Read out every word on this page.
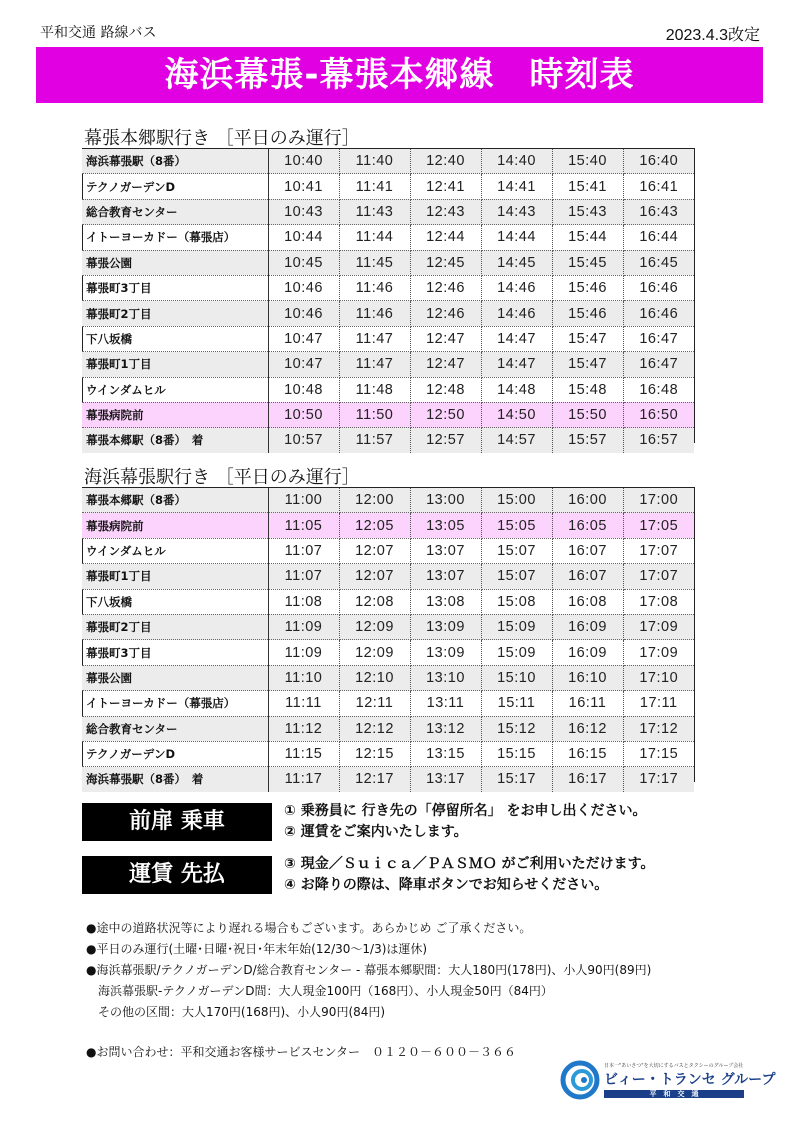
平和交通 路線バス	2023.4.3改定
海浜幕張-幕張本郷線　時刻表
幕張本郷駅行き ［平日のみ運行］
海浜幕張駅（8番）	10:40	11:40	12:40	14:40	15:40	16:40
テクノガーデンD	10:41	11:41	12:41	14:41	15:41	16:41
総合教育センター	10:43	11:43	12:43	14:43	15:43	16:43
イトーヨーカドー（幕張店）	10:44	11:44	12:44	14:44	15:44	16:44
幕張公園	10:45	11:45	12:45	14:45	15:45	16:45
幕張町3丁目	10:46	11:46	12:46	14:46	15:46	16:46
幕張町2丁目	10:46	11:46	12:46	14:46	15:46	16:46
下八坂橋	10:47	11:47	12:47	14:47	15:47	16:47
幕張町1丁目	10:47	11:47	12:47	14:47	15:47	16:47
ウインダムヒル	10:48	11:48	12:48	14:48	15:48	16:48
幕張病院前	10:50	11:50	12:50	14:50	15:50	16:50
幕張本郷駅（8番）　着	10:57	11:57	12:57	14:57	15:57	16:57
海浜幕張駅行き ［平日のみ運行］
幕張本郷駅（8番）	11:00	12:00	13:00	15:00	16:00	17:00
幕張病院前	11:05	12:05	13:05	15:05	16:05	17:05
ウインダムヒル	11:07	12:07	13:07	15:07	16:07	17:07
幕張町1丁目	11:07	12:07	13:07	15:07	16:07	17:07
下八坂橋	11:08	12:08	13:08	15:08	16:08	17:08
幕張町2丁目	11:09	12:09	13:09	15:09	16:09	17:09
幕張町3丁目	11:09	12:09	13:09	15:09	16:09	17:09
幕張公園	11:10	12:10	13:10	15:10	16:10	17:10
イトーヨーカドー（幕張店）	11:11	12:11	13:11	15:11	16:11	17:11
総合教育センター	11:12	12:12	13:12	15:12	16:12	17:12
テクノガーデンD	11:15	12:15	13:15	15:15	16:15	17:15
海浜幕張駅（8番）　着	11:17	12:17	13:17	15:17	16:17	17:17
前扉 乗車	① 乗務員に 行き先の「停留所名」 をお申し出ください。
② 運賃をご案内いたします。
運賃 先払	③ 現金／Ｓｕｉｃａ／ＰＡＳＭＯ がご利用いただけます。
④ お降りの際は、降車ボタンでお知らせください。
●途中の道路状況等により遅れる場合もございます。あらかじめ ご了承ください。
●平日のみ運行(土曜･日曜･祝日･年末年始(12/30～1/3)は運休)
●海浜幕張駅/テクノガーデンD/総合教育センター - 幕張本郷駅間：大人180円(178円)、小人90円(89円)
　海浜幕張駅-テクノガーデンD間：大人現金100円（168円）、小人現金50円（84円）
　その他の区間：大人170円(168円)、小人90円(84円)
●お問い合わせ：平和交通お客様サービスセンター　０１２０－６００－３６６
日本一"あいさつ"を大切にするバスとタクシーのグループ会社
ビィー・トランセ グループ
平　和　交　通
